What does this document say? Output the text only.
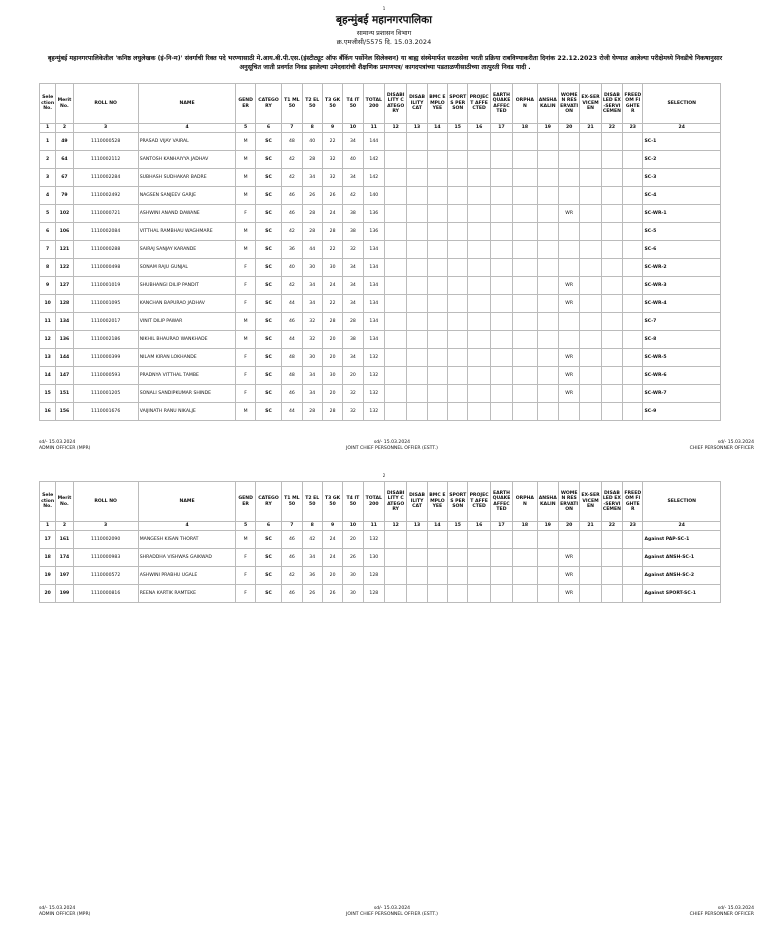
1
बृहन्मुंबई महानगरपालिका
सामान्य प्रशासन विभाग
क्र.एमजीसी/5575 दि. 15.03.2024
बृहन्मुंबई महानगरपालिकेतील 'कनिष्ठ लघुलेखक (इं-नि-म)' संवर्गाची रिक्त पदे भरण्यासाठी मे.आय.बी.पी.एस.(इंस्टीट्यूट ऑफ बँकिंग पर्सोनेल सिलेक्शन) या बाह्य संस्थेमार्फत सरळसेवा भरती प्रक्रिया राबविण्याकरीता दिनांक 22.12.2023 रोजी घेण्यात आलेल्या परीक्षेमध्ये निवडीचे निकषानुसार अनुसूचित जाती प्रवर्गात निवड झालेल्या उमेदवारांची शैक्षणिक प्रमाणपत्र/ कागदपत्रांच्या पडताळणीसाठीच्या तात्पुरती निवड यादी .
Selection No.	Merit No.	ROLL NO	NAME	GENDER	CATEGORY	T1 ML 50	T2 EL 50	T3 GK 50	T4 IT 50	TOTAL 200	DISABILITY CATEGORY	DISABILITY CAT	BMC EMPLOYEE	SPORTS PERSON	PROJECT AFFECTED	EARTH QUAKE AFFECTED	ORPHAN	ANSHAKALIN	WOMEN RESERVATION	EX-SERVICEMEN	DISABLED EX-SERVICEMEN	FREEDOM FIGHTER	SELECTION
1	2	3	4	5	6	7	8	9	10	11	12	13	14	15	16	17	18	19	20	21	22	23	24
1	49	1110000528	PRASAD VIJAY VAIRAL	M	SC	48	40	22	34	144													SC-1
2	64	1110002112	SANTOSH KANHAIYYA JADHAV	M	SC	42	28	32	40	142													SC-2
3	67	1110002284	SUBHASH SUDHAKAR BADRE	M	SC	42	34	32	34	142													SC-3
4	79	1110002492	NAGSEN SANJEEV GARJE	M	SC	46	26	26	42	140													SC-4
5	102	1110000721	ASHWINI ANAND DAWANE	F	SC	46	28	24	38	136									WR				SC-WR-1
6	106	1110002084	VITTHAL RAMBHAU WAGHMARE	M	SC	42	28	28	38	136													SC-5
7	121	1110000288	SAIRAJ SANJAY KARANDE	M	SC	36	44	22	32	134													SC-6
8	122	1110000498	SONAM RAJU GUNJAL	F	SC	40	30	30	34	134													SC-WR-2
9	127	1110001019	SHUBHANGI DILIP PANDIT	F	SC	42	34	24	34	134									WR				SC-WR-3
10	128	1110001095	KANCHAN BAPURAO JADHAV	F	SC	44	34	22	34	134									WR				SC-WR-4
11	134	1110002017	VINIT DILIP PAWAR	M	SC	46	32	28	28	134													SC-7
12	136	1110002186	NIKHIL BHAURAO WANKHADE	M	SC	44	32	20	38	134													SC-8
13	144	1110000399	NILAM KIRAN LOKHANDE	F	SC	48	30	20	34	132									WR				SC-WR-5
14	147	1110000593	PRADNYA VITTHAL TAMBE	F	SC	48	34	30	20	132									WR				SC-WR-6
15	151	1110001205	SONALI SANDIPKUMAR SHINDE	F	SC	46	34	20	32	132									WR				SC-WR-7
16	156	1110001676	VAIJINATH RANU NIKALJE	M	SC	44	28	28	32	132													SC-9
sd/- 15.03.2024
ADMIN OFFICER (MPR)
sd/- 15.03.2024
JOINT CHIEF PERSONNEL OFFIER (ESTT.)
sd/- 15.03.2024
CHIEF PERSONNER OFFICER
2
Selection No.	Merit No.	ROLL NO	NAME	GENDER	CATEGORY	T1 ML 50	T2 EL 50	T3 GK 50	T4 IT 50	TOTAL 200	DISABILITY CATEGORY	DISABILITY CAT	BMC EMPLOYEE	SPORTS PERSON	PROJECT AFFECTED	EARTH QUAKE AFFECTED	ORPHAN	ANSHAKALIN	WOMEN RESERVATION	EX-SERVICEMEN	DISABLED EX-SERVICEMEN	FREEDOM FIGHTER	SELECTION
1	2	3	4	5	6	7	8	9	10	11	12	13	14	15	16	17	18	19	20	21	22	23	24
17	161	1110002090	MANGESH KISAN THORAT	M	SC	46	42	24	20	132													Against PAP-SC-1
18	174	1110000983	SHRADDHA VISHWAS GAIKWAD	F	SC	46	34	24	26	130									WR				Against ANSH-SC-1
19	197	1110000572	ASHWINI PRABHU UGALE	F	SC	42	36	20	30	128									WR				Against ANSH-SC-2
20	199	1110000816	REENA KARTIK RAMTEKE	F	SC	46	26	26	30	128									WR				Against SPORT-SC-1
sd/- 15.03.2024
ADMIN OFFICER (MPR)
sd/- 15.03.2024
JOINT CHIEF PERSONNEL OFFIER (ESTT.)
sd/- 15.03.2024
CHIEF PERSONNER OFFICER
